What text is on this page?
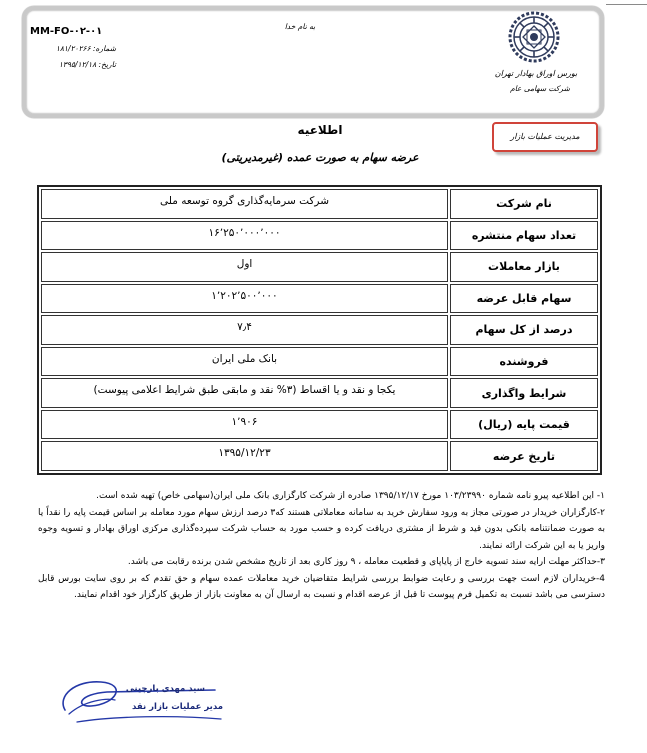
MM-FO-۰۲-۰۱
شماره: ۱۸۱/۲۰۲۶۶
تاریخ: ۱۳۹۵/۱۲/۱۸
به نام خدا
بورس اوراق بهادار تهران
شرکت سهامی عام
مدیریت عملیات بازار
اطلاعیه
عرضه سهام به صورت عمده (غیرمدیریتی)
نام شرکت	شرکت سرمایه‌گذاری گروه توسعه ملی
تعداد سهام منتشره	۱۶٬۲۵۰٬۰۰۰٬۰۰۰
بازار معاملات	اول
سهام قابل عرضه	۱٬۲۰۲٬۵۰۰٬۰۰۰
درصد از کل سهام	۷٫۴
فروشنده	بانک ملی ایران
شرایط واگذاری	یکجا و نقد و یا اقساط (۳% نقد و مابقی طبق شرایط اعلامی پیوست)
قیمت پایه (ریال)	۱٬۹۰۶
تاریخ عرضه	۱۳۹۵/۱۲/۲۳

۱- این اطلاعیه پیرو نامه شماره ۱۰۳/۲۳۹۹۰ مورخ ۱۳۹۵/۱۲/۱۷ صادره از شرکت کارگزاری بانک ملی ایران(سهامی خاص) تهیه شده است.

۲-کارگزاران خریدار در صورتی مجاز به ورود سفارش خرید به سامانه معاملاتی هستند که۳ درصد ارزش سهام مورد معامله بر اساس قیمت پایه را نقداً یا به صورت ضمانتنامه بانکی بدون قید و شرط از مشتری دریافت کرده و حسب مورد به حساب شرکت سپرده‌گذاری مرکزی اوراق بهادار و تسویه وجوه واریز یا به این شرکت ارائه نمایند.

۳-حداکثر مهلت ارایه سند تسویه خارج از پایاپای و قطعیت معامله ، ۹ روز کاری بعد از تاریخ مشخص شدن برنده رقابت می باشد.

4-خریداران لازم است جهت بررسی و رعایت ضوابط بررسی شرایط متقاضیان خرید معاملات عمده سهام و حق تقدم که بر روی سایت بورس قابل دسترسی می باشد نسبت به تکمیل فرم پیوست تا قبل از عرضه اقدام و نسبت به ارسال آن به معاونت بازار از طریق کارگزار خود اقدام نمایند.

سید مهدی بارچینی
مدیر عملیات بازار نقد
